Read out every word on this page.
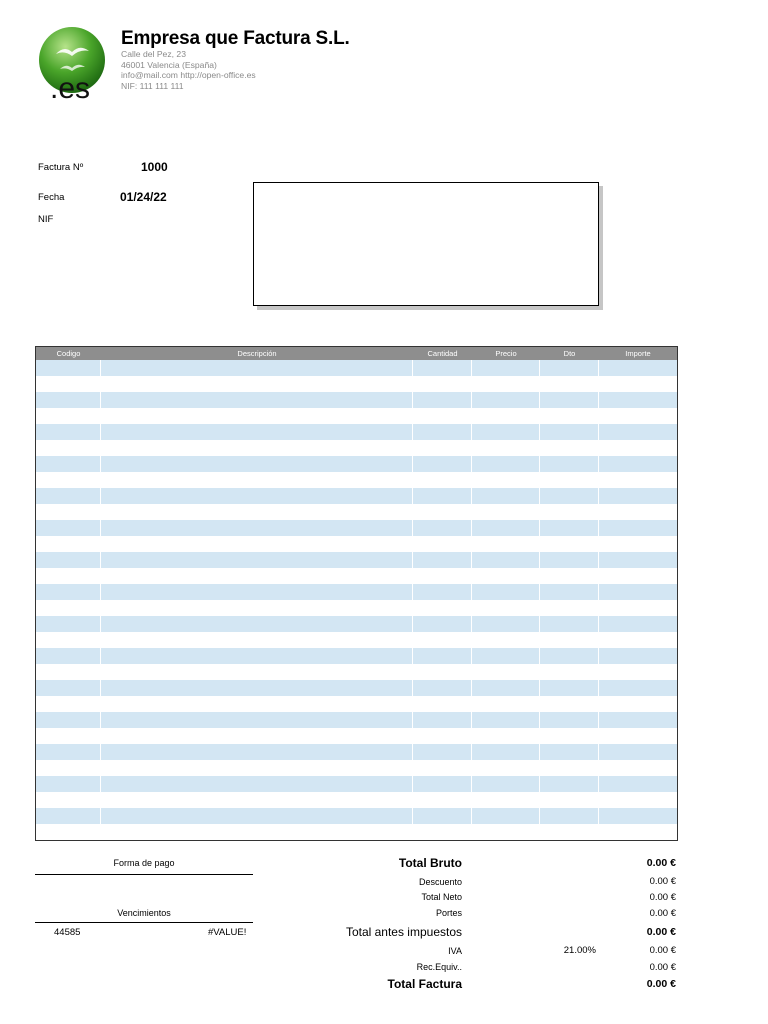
.es
Empresa que Factura S.L.
Calle del Pez, 23
46001 Valencia (España)
info@mail.com http://open-office.es
NIF: 111 111 111
Factura Nº	1000
Fecha	01/24/22
NIF
Codigo	Descripción	Cantidad	Precio	Dto	Importe
Forma de pago
Vencimientos
44585	#VALUE!
Total Bruto	0.00 €
Descuento	0.00 €
Total Neto	0.00 €
Portes	0.00 €
Total antes impuestos	0.00 €
IVA	21.00%	0.00 €
Rec.Equiv..	0.00 €
Total Factura	0.00 €
